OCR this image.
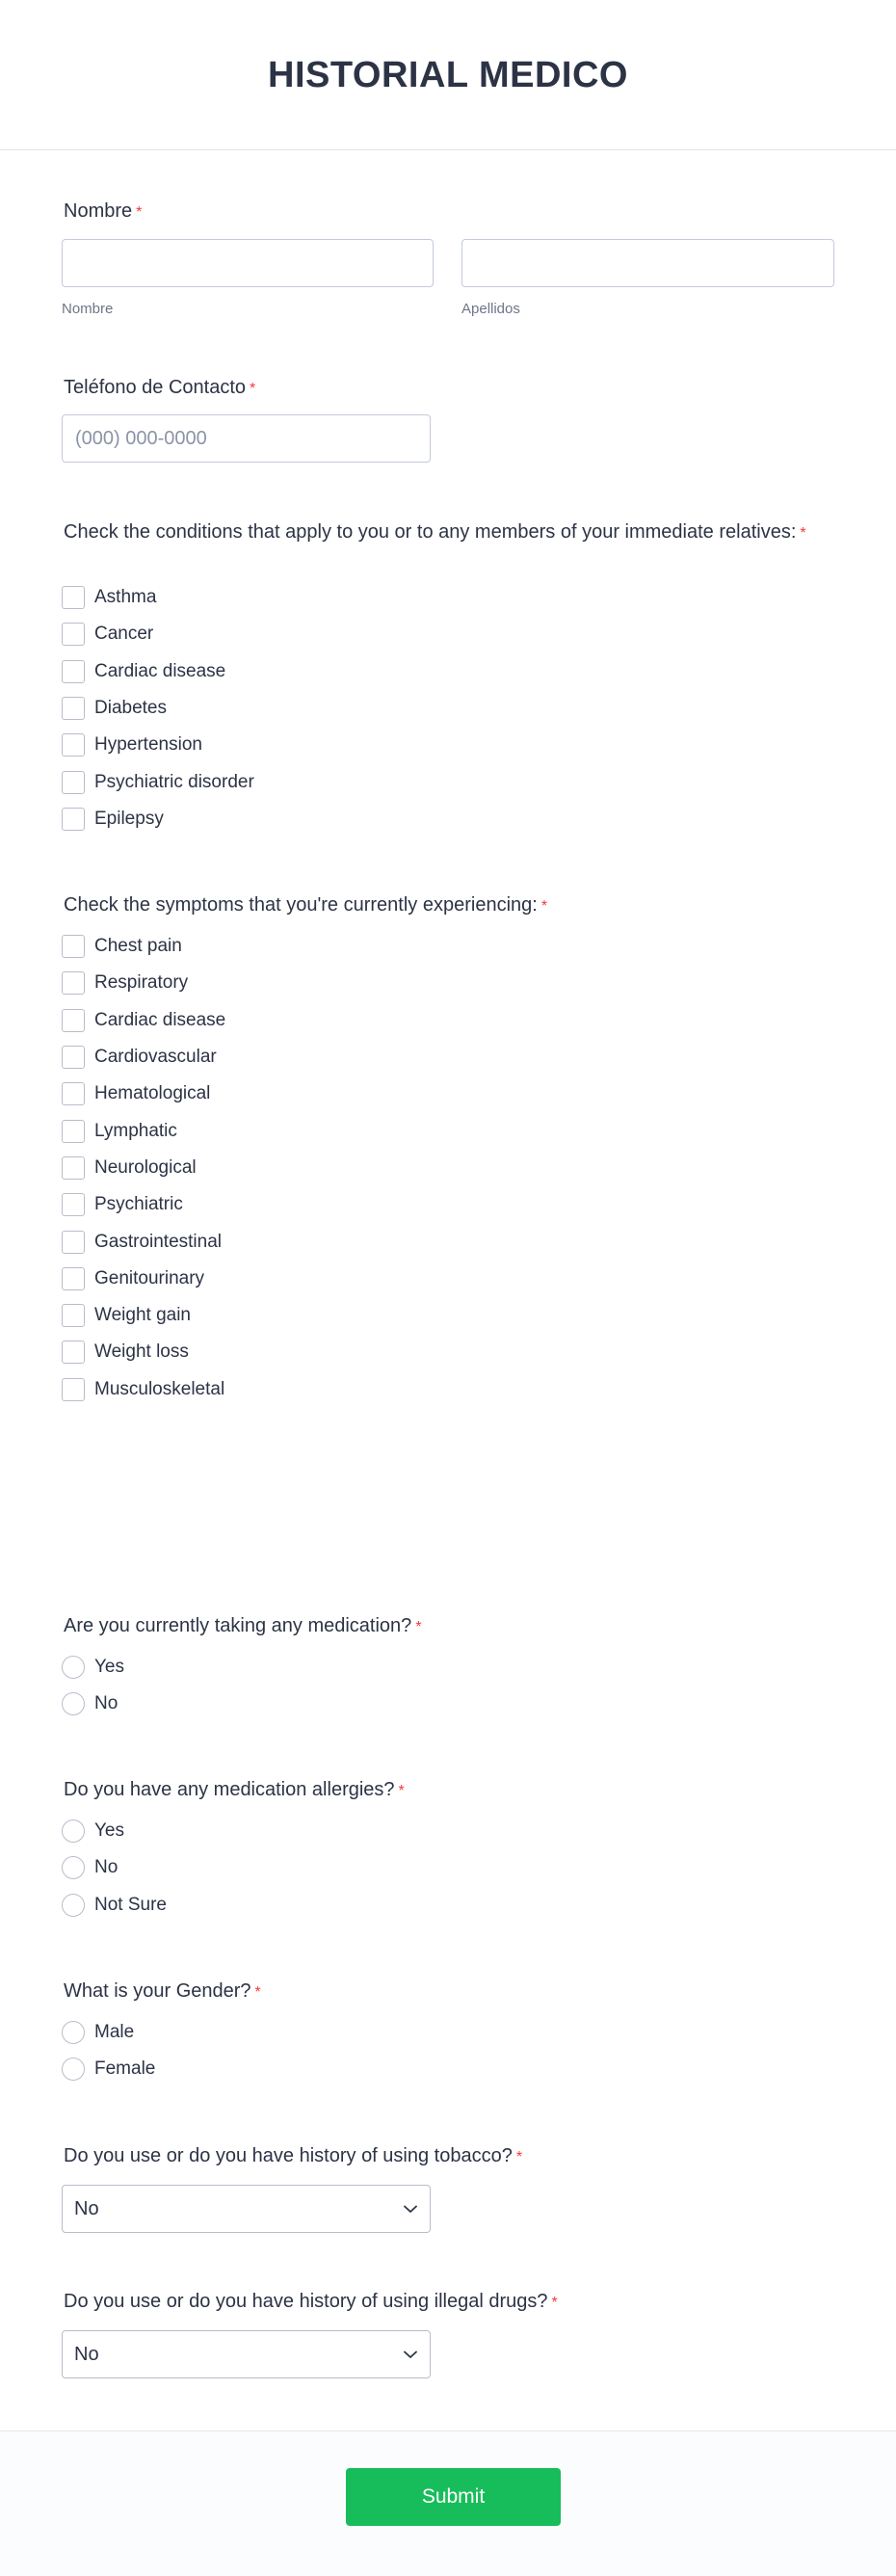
HISTORIAL MEDICO
Nombre *
Nombre	Apellidos
Teléfono de Contacto *
(000) 000-0000
Check the conditions that apply to you or to any members of your immediate relatives: *
Asthma
Cancer
Cardiac disease
Diabetes
Hypertension
Psychiatric disorder
Epilepsy
Check the symptoms that you're currently experiencing: *
Chest pain
Respiratory
Cardiac disease
Cardiovascular
Hematological
Lymphatic
Neurological
Psychiatric
Gastrointestinal
Genitourinary
Weight gain
Weight loss
Musculoskeletal
Are you currently taking any medication? *
Yes
No
Do you have any medication allergies? *
Yes
No
Not Sure
What is your Gender? *
Male
Female
Do you use or do you have history of using tobacco? *
No
Do you use or do you have history of using illegal drugs? *
No
Submit
